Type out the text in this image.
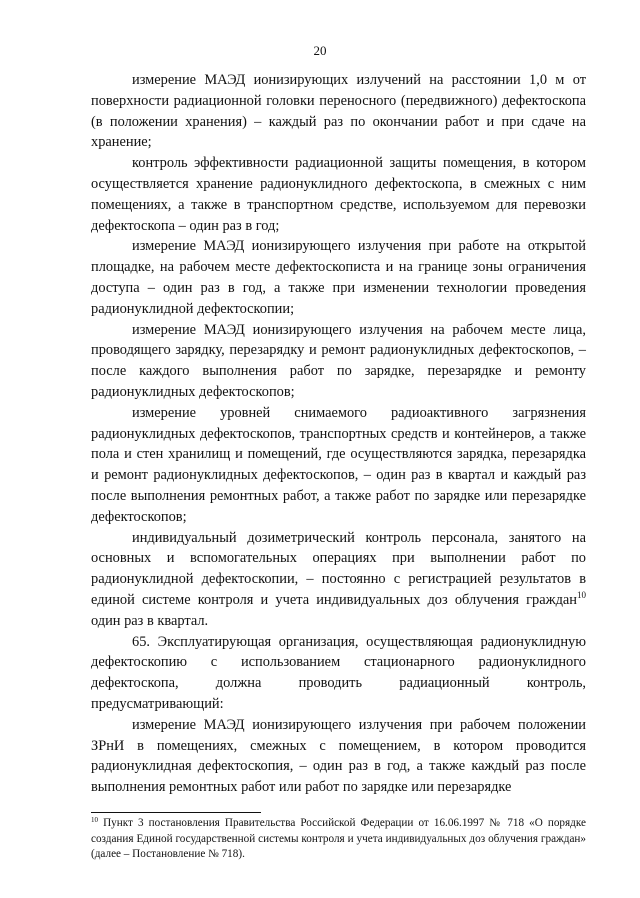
20

измерение МАЭД ионизирующих излучений на расстоянии 1,0 м от поверхности радиационной головки переносного (передвижного) дефектоскопа (в положении хранения) – каждый раз по окончании работ и при сдаче на хранение;

контроль эффективности радиационной защиты помещения, в котором осуществляется хранение радионуклидного дефектоскопа, в смежных с ним помещениях, а также в транспортном средстве, используемом для перевозки дефектоскопа – один раз в год;

измерение МАЭД ионизирующего излучения при работе на открытой площадке, на рабочем месте дефектоскописта и на границе зоны ограничения доступа – один раз в год, а также при изменении технологии проведения радионуклидной дефектоскопии;

измерение МАЭД ионизирующего излучения на рабочем месте лица, проводящего зарядку, перезарядку и ремонт радионуклидных дефектоскопов, – после каждого выполнения работ по зарядке, перезарядке и ремонту радионуклидных дефектоскопов;

измерение уровней снимаемого радиоактивного загрязнения радионуклидных дефектоскопов, транспортных средств и контейнеров, а также пола и стен хранилищ и помещений, где осуществляются зарядка, перезарядка и ремонт радионуклидных дефектоскопов, – один раз в квартал и каждый раз после выполнения ремонтных работ, а также работ по зарядке или перезарядке дефектоскопов;

индивидуальный дозиметрический контроль персонала, занятого на основных и вспомогательных операциях при выполнении работ по радионуклидной дефектоскопии, – постоянно с регистрацией результатов в единой системе контроля и учета индивидуальных доз облучения граждан$^{10}$ один раз в квартал.

65. Эксплуатирующая организация, осуществляющая радионуклидную дефектоскопию с использованием стационарного радионуклидного дефектоскопа, должна проводить радиационный контроль, предусматривающий:

измерение МАЭД ионизирующего излучения при рабочем положении ЗРнИ в помещениях, смежных с помещением, в котором проводится радионуклидная дефектоскопия, – один раз в год, а также каждый раз после выполнения ремонтных работ или работ по зарядке или перезарядке

$^{10}$ Пункт 3 постановления Правительства Российской Федерации от 16.06.1997 № 718 «О порядке создания Единой государственной системы контроля и учета индивидуальных доз облучения граждан» (далее – Постановление № 718).
